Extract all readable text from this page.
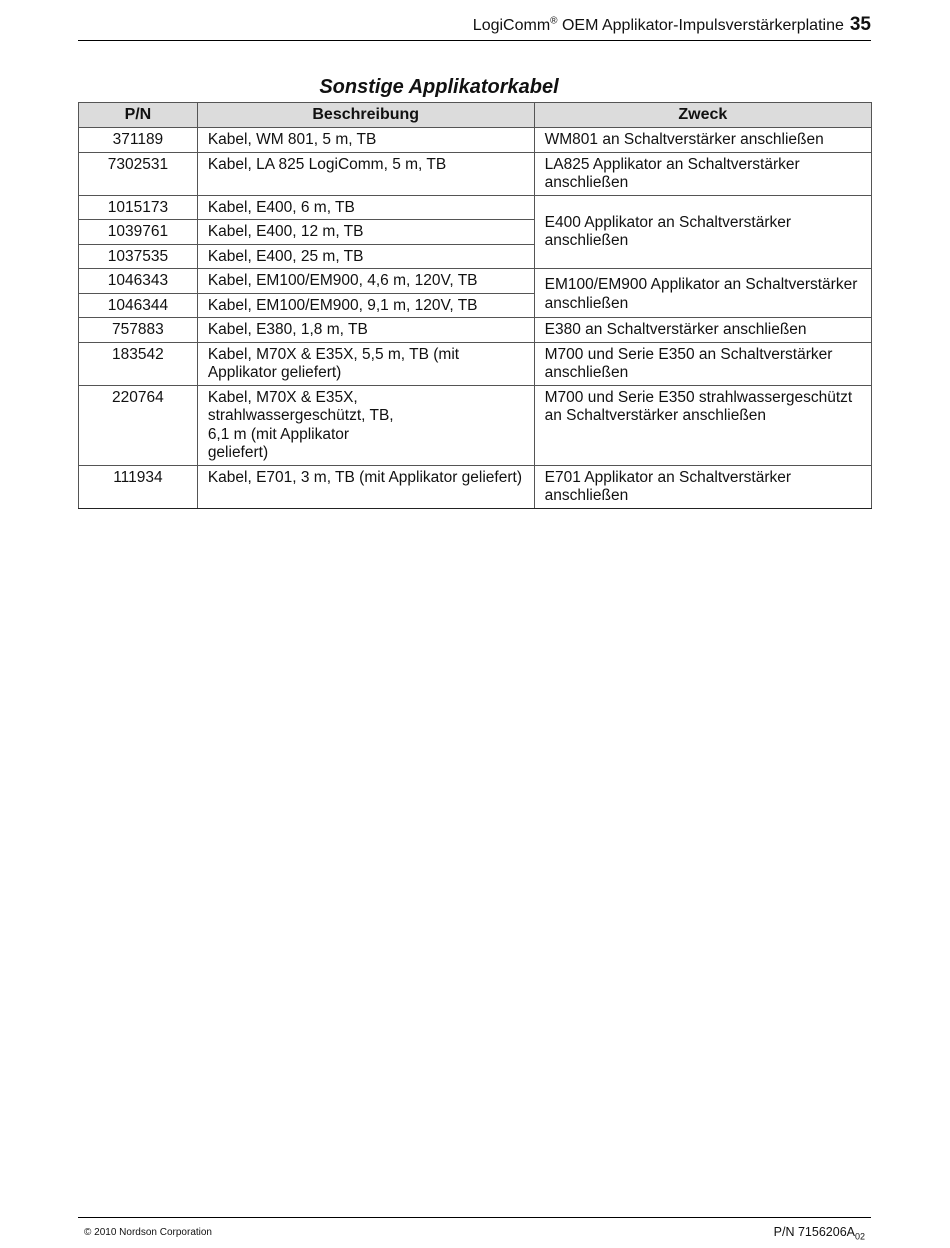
LogiComm® OEM Applikator-Impulsverstärkerplatine 35
Sonstige Applikatorkabel
P/N	Beschreibung	Zweck
371189	Kabel, WM 801, 5 m, TB	WM801 an Schaltverstärker anschließen
7302531	Kabel, LA 825 LogiComm, 5 m, TB	LA825 Applikator an Schaltverstärker anschließen
1015173	Kabel, E400, 6 m, TB	E400 Applikator an Schaltverstärker anschließen
1039761	Kabel, E400, 12 m, TB	
1037535	Kabel, E400, 25 m, TB	
1046343	Kabel, EM100/EM900, 4,6 m, 120V, TB	EM100/EM900 Applikator an Schaltverstärker anschließen
1046344	Kabel, EM100/EM900, 9,1 m, 120V, TB	
757883	Kabel, E380, 1,8 m, TB	E380 an Schaltverstärker anschließen
183542	Kabel, M70X & E35X, 5,5 m, TB (mit Applikator geliefert)	M700 und Serie E350 an Schaltverstärker anschließen
220764	Kabel, M70X & E35X, strahlwassergeschützt, TB, 6,1 m (mit Applikator geliefert)	M700 und Serie E350 strahlwassergeschützt an Schaltverstärker anschließen
111934	Kabel, E701, 3 m, TB (mit Applikator geliefert)	E701 Applikator an Schaltverstärker anschließen
© 2010 Nordson Corporation	P/N $7156206A_{02}$
